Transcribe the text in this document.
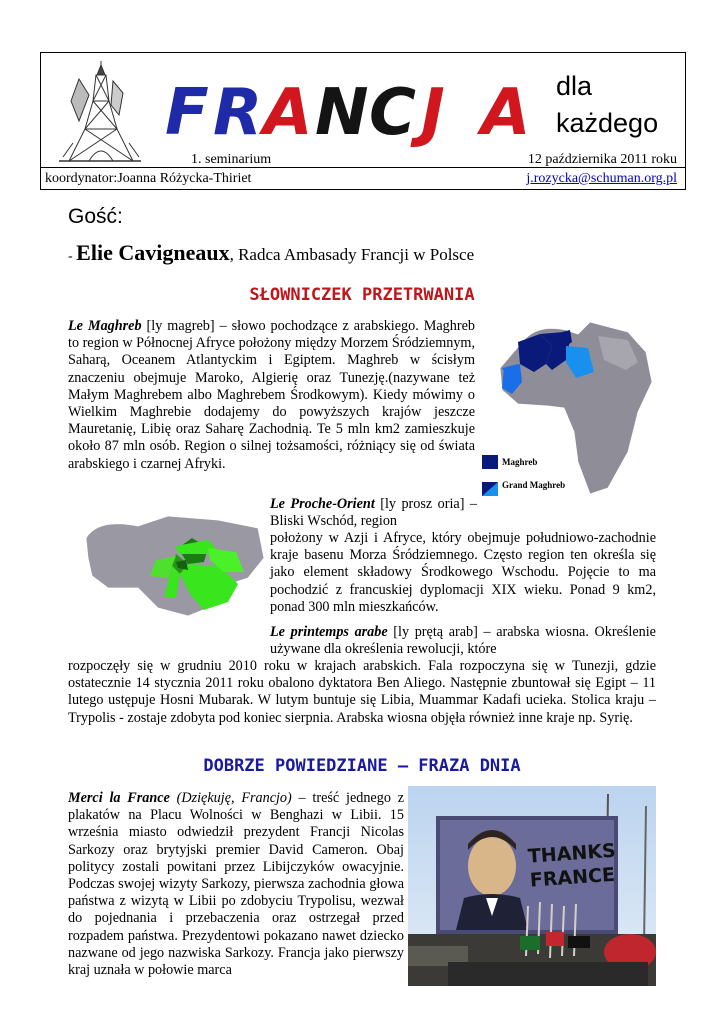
F R A N C J A dla
każdego
1. seminarium	12 października 2011 roku
koordynator:Joanna Różycka-Thiriet	j.rozycka@schuman.org.pl
Gość:
- Elie Cavigneaux, Radca Ambasady Francji w Polsce
SŁOWNICZEK PRZETRWANIA

Le Maghreb [ly magreb] – słowo pochodzące z arabskiego. Maghreb to region w Północnej Afryce położony między Morzem Śródziemnym, Saharą, Oceanem Atlantyckim i Egiptem. Maghreb w ścisłym znaczeniu obejmuje Maroko, Algierię oraz Tunezję.(nazywane też Małym Maghrebem albo Maghrebem Środkowym). Kiedy mówimy o Wielkim Maghrebie dodajemy do powyższych krajów jeszcze Mauretanię, Libię oraz Saharę Zachodnią. Te 5 mln km2 zamieszkuje około 87 mln osób. Region o silnej tożsamości, różniący się od świata arabskiego i czarnej Afryki.	Maghreb
Grand Maghreb

Le Proche-Orient [ly prosz oria] – Bliski Wschód, region

położony w Azji i Afryce, który obejmuje południowo-zachodnie kraje basenu Morza Śródziemnego. Często region ten określa się jako element składowy Środkowego Wschodu. Pojęcie to ma pochodzić z francuskiej dyplomacji XIX wieku. Ponad 9 km2, ponad 300 mln mieszkańców.

Le printemps arabe [ly prętą arab] – arabska wiosna. Określenie używane dla określenia rewolucji, które

rozpoczęły się w grudniu 2010 roku w krajach arabskich. Fala rozpoczyna się w Tunezji, gdzie ostatecznie 14 stycznia 2011 roku obalono dyktatora Ben Aliego. Następnie zbuntował się Egipt – 11 lutego ustępuje Hosni Mubarak. W lutym buntuje się Libia, Muammar Kadafi ucieka. Stolica kraju – Trypolis - zostaje zdobyta pod koniec sierpnia. Arabska wiosna objęła również inne kraje np. Syrię.

DOBRZE POWIEDZIANE – FRAZA DNIA

Merci la France (Dziękuję, Francjo) – treść jednego z plakatów na Placu Wolności w Benghazi w Libii. 15 września miasto odwiedził prezydent Francji Nicolas Sarkozy oraz brytyjski premier David Cameron. Obaj politycy zostali powitani przez Libijczyków owacyjnie. Podczas swojej wizyty Sarkozy, pierwsza zachodnia głowa państwa z wizytą w Libii po zdobyciu Trypolisu, wezwał do pojednania i przebaczenia oraz ostrzegał przed rozpadem państwa. Prezydentowi pokazano nawet dziecko nazwane od jego nazwiska Sarkozy. Francja jako pierwszy kraj uznała w połowie marca

THANKS
FRANCE
